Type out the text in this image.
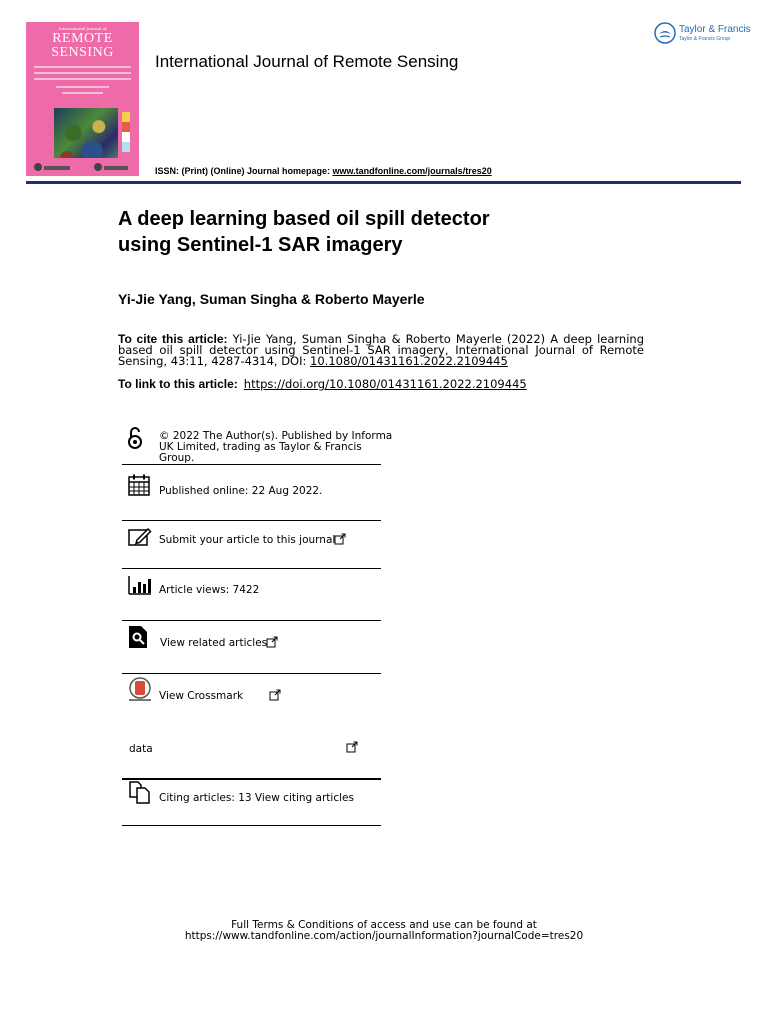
International Journal of
REMOTE
SENSING	International Journal of Remote Sensing
ISSN: (Print) (Online) Journal homepage: www.tandfonline.com/journals/tres20
Taylor & Francis
Taylor & Francis Group
A deep learning based oil spill detector
using Sentinel-1 SAR imagery
Yi-Jie Yang, Suman Singha & Roberto Mayerle
To cite this article: Yi-Jie Yang, Suman Singha & Roberto Mayerle (2022) A deep learning based oil spill detector using Sentinel-1 SAR imagery, International Journal of Remote Sensing, 43:11, 4287-4314, DOI: 10.1080/01431161.2022.2109445
To link to this article: https://doi.org/10.1080/01431161.2022.2109445
© 2022 The Author(s). Published by Informa
UK Limited, trading as Taylor & Francis
Group.
Published online: 22 Aug 2022.
Submit your article to this journal
Article views: 7422
View related articles
View Crossmark
data
Citing articles: 13 View citing articles
Full Terms & Conditions of access and use can be found at
https://www.tandfonline.com/action/journalInformation?journalCode=tres20
